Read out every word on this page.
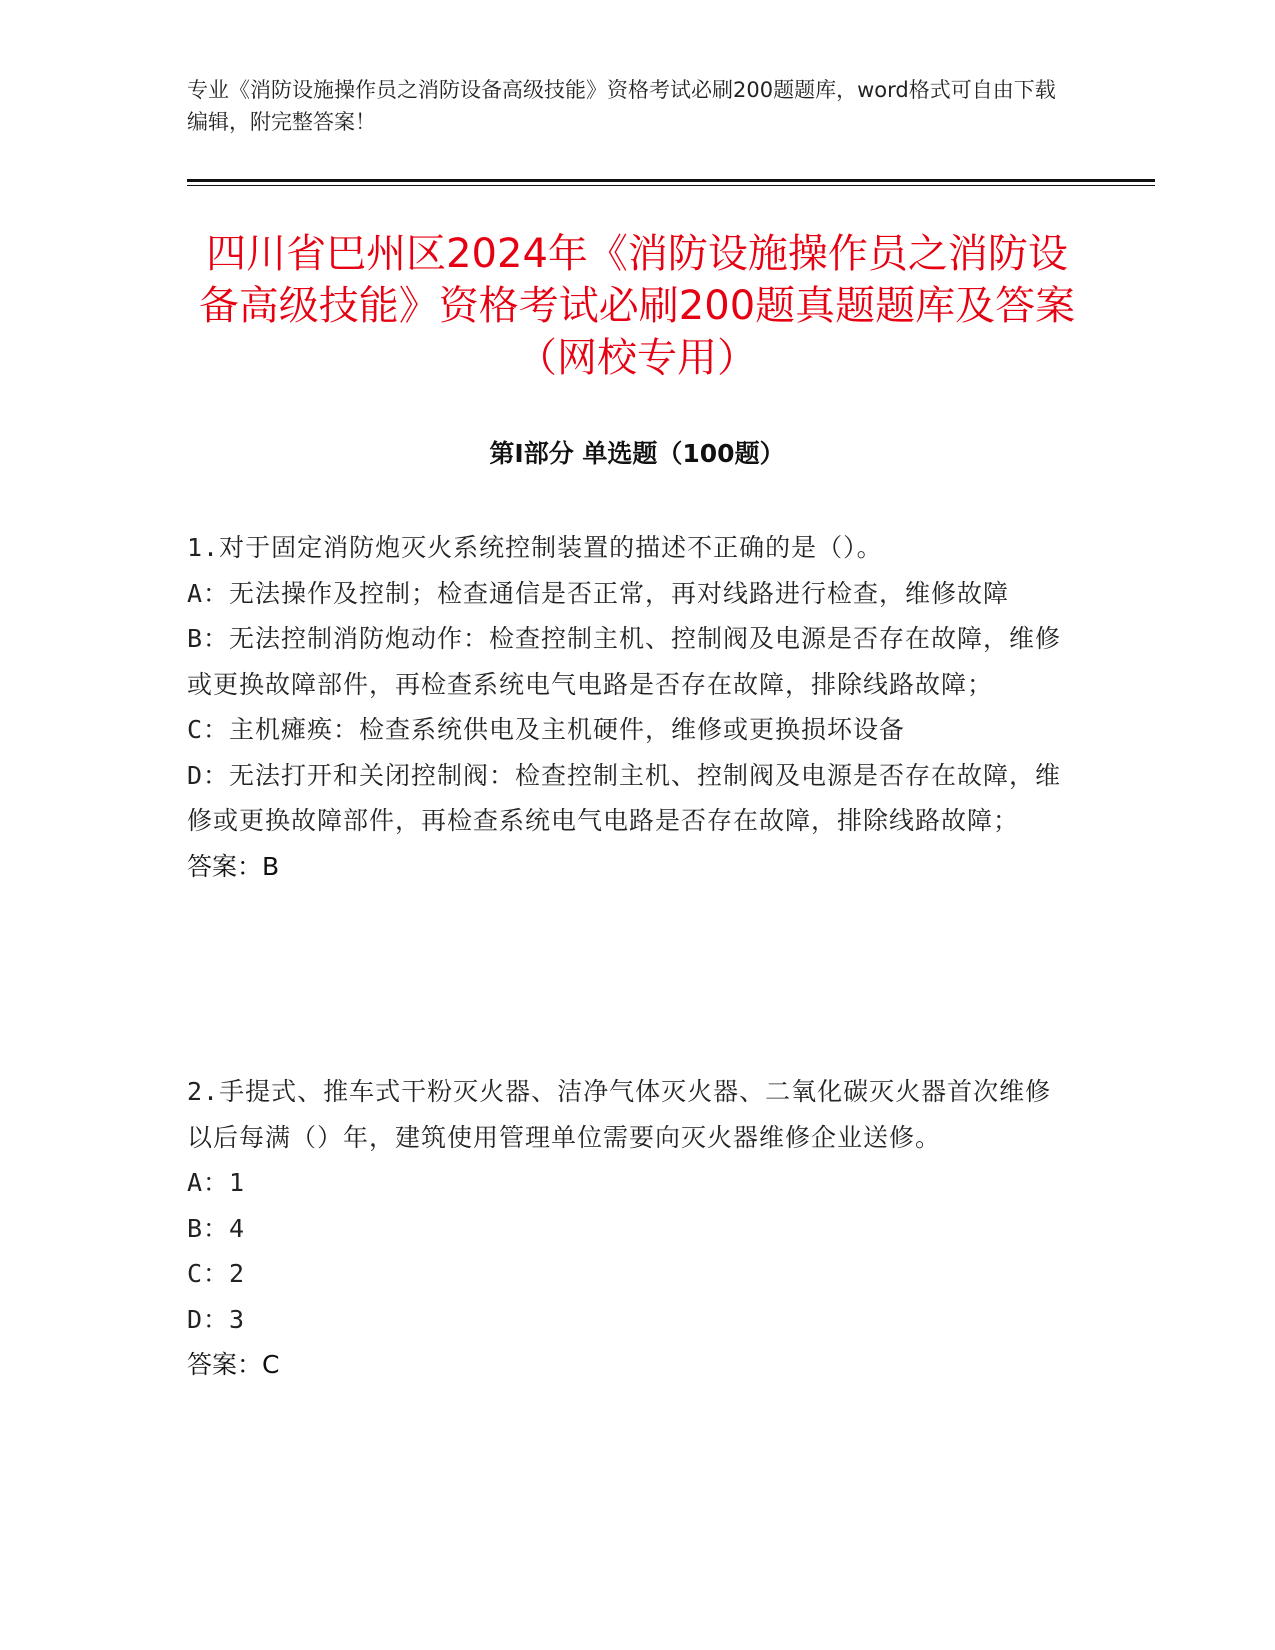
专业《消防设施操作员之消防设备高级技能》资格考试必刷200题题库，word格式可自由下载编辑，附完整答案！
四川省巴州区2024年《消防设施操作员之消防设备高级技能》资格考试必刷200题真题题库及答案（网校专用）
第Ⅰ部分 单选题（100题）
1.对于固定消防炮灭火系统控制装置的描述不正确的是（）。
A：无法操作及控制；检查通信是否正常，再对线路进行检查，维修故障
B：无法控制消防炮动作：检查控制主机、控制阀及电源是否存在故障，维修或更换故障部件，再检查系统电气电路是否存在故障，排除线路故障；
C：主机瘫痪：检查系统供电及主机硬件，维修或更换损坏设备
D：无法打开和关闭控制阀：检查控制主机、控制阀及电源是否存在故障，维修或更换故障部件，再检查系统电气电路是否存在故障，排除线路故障；
答案：B
2.手提式、推车式干粉灭火器、洁净气体灭火器、二氧化碳灭火器首次维修以后每满（）年，建筑使用管理单位需要向灭火器维修企业送修。
A：1
B：4
C：2
D：3
答案：C
